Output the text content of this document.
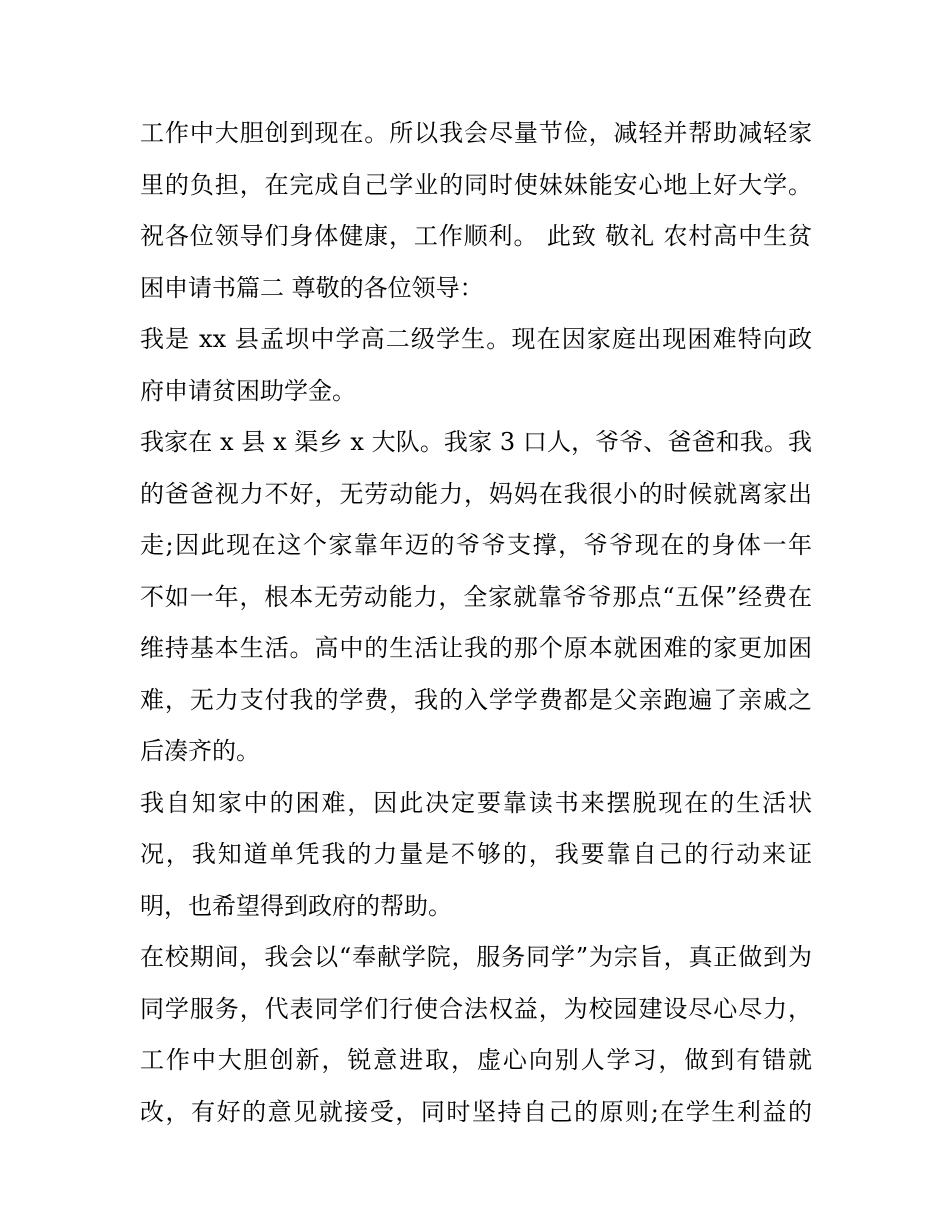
工作中大胆创到现在。所以我会尽量节俭，减轻并帮助减轻家
里的负担，在完成自己学业的同时使妹妹能安心地上好大学。
祝各位领导们身体健康，工作顺利。 此致 敬礼 农村高中生贫
困申请书篇二 尊敬的各位领导：
我是 xx 县孟坝中学高二级学生。现在因家庭出现困难特向政
府申请贫困助学金。
我家在 x 县 x 渠乡 x 大队。我家 3 口人，爷爷、爸爸和我。我
的爸爸视力不好，无劳动能力，妈妈在我很小的时候就离家出
走;因此现在这个家靠年迈的爷爷支撑，爷爷现在的身体一年
不如一年，根本无劳动能力，全家就靠爷爷那点“五保”经费在
维持基本生活。高中的生活让我的那个原本就困难的家更加困
难，无力支付我的学费，我的入学学费都是父亲跑遍了亲戚之
后凑齐的。
我自知家中的困难，因此决定要靠读书来摆脱现在的生活状
况，我知道单凭我的力量是不够的，我要靠自己的行动来证
明，也希望得到政府的帮助。
在校期间，我会以“奉献学院，服务同学”为宗旨，真正做到为
同学服务，代表同学们行使合法权益，为校园建设尽心尽力，
工作中大胆创新，锐意进取，虚心向别人学习，做到有错就
改，有好的意见就接受，同时坚持自己的原则;在学生利益的
